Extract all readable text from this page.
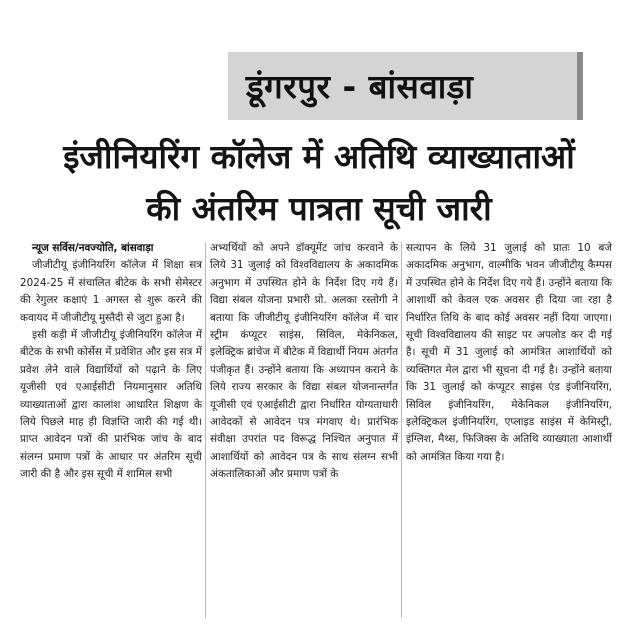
डूंगरपुर - बांसवाड़ा
इंजीनियरिंग कॉलेज में अतिथि व्याख्याताओं
की अंतरिम पात्रता सूची जारी

न्यूज सर्विस/नवज्योति, बांसवाड़ा

जीजीटीयू इंजीनियरिंग कॉलेज में शिक्षा सत्र 2024-25 में संचालित बीटेक के सभी सेमेस्टर की रेगुलर कक्षाएं 1 अगस्त से शुरू करने की कवायद में जीजीटीयू मुस्तैदी से जुटा हुआ है।

इसी कड़ी में जीजीटीयू इंजीनियरिंग कॉलेज में बीटेक के सभी कोर्सेस में प्रवेशित और इस सत्र में प्रवेश लेने वाले विद्यार्थियों को पढ़ाने के लिए यूजीसी एवं एआईसीटी नियमानुसार अतिथि व्याख्याताओं द्वारा कालांश आधारित शिक्षण के लिये पिछले माह ही विज्ञप्ति जारी की गई थी। प्राप्त आवेदन पत्रों की प्रारंभिक जांच के बाद संलग्न प्रमाण पत्रों के आधार पर अंतरिम सूची जारी की है और इस सूची में शामिल सभी

अभ्यर्थियों को अपने डॉक्यूमेंट जांच करवाने के लिये 31 जुलाई को विश्वविद्यालय के अकादमिक अनुभाग में उपस्थित होने के निर्देश दिए गये हैं। विद्या संबल योजना प्रभारी प्रो. अलका रस्तोगी ने बताया कि जीजीटीयू इंजीनियरिंग कॉलेज में चार स्ट्रीम कंप्यूटर साइंस, सिविल, मेकेनिकल, इलेक्ट्रिक ब्रांचेज में बीटेक में विद्यार्थी नियम अंतर्गत पंजीकृत हैं। उन्होंने बताया कि अध्यापन कराने के लिये राज्य सरकार के विद्या संबल योजनान्तर्गत यूजीसी एवं एआईसीटी द्वारा निर्धारित योग्यताधारी आवेदकों से आवेदन पत्र मंगवाए थे। प्रारंभिक संवीक्षा उपरांत पद विरूद्ध निश्चित अनुपात में आशार्थियों को आवेदन पत्र के साथ संलग्न सभी अंकतालिकाओं और प्रमाण पत्रों के

सत्यापन के लिये 31 जुलाई को प्रातः 10 बजे अकादमिक अनुभाग, वाल्मीकि भवन जीजीटीयू कैम्पस में उपस्थित होने के निर्देश दिए गये हैं। उन्होंने बताया कि आशार्थी को केवल एक अवसर ही दिया जा रहा है निर्धारित तिथि के बाद कोई अवसर नहीं दिया जाएगा। सूची विश्वविद्यालय की साइट पर अपलोड कर दी गई है। सूची में 31 जुलाई को आमंत्रित आशार्थियों को व्यक्तिगत मेल द्वारा भी सूचना दी गई है। उन्होंने बताया कि 31 जुलाई को कंप्यूटर साइंस एंड इंजीनियरिंग, सिविल इंजीनियरिंग, मेकेनिकल इंजीनियरिंग, इलेक्ट्रिकल इंजीनियरिंग, एप्लाइड साइंस में केमिस्ट्री, इंग्लिश, मैथ्स, फिजिक्स के अतिथि व्याख्याता आशार्थी को आमंत्रित किया गया है।
